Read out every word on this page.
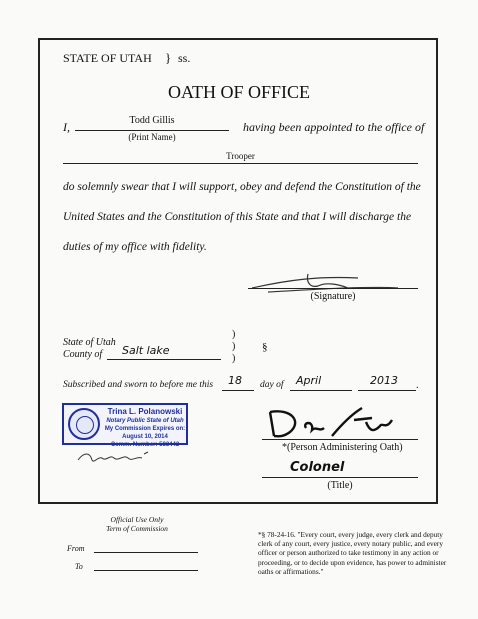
STATE OF UTAH } ss.
OATH OF OFFICE
I,	Todd Gillis
(Print Name)
having been appointed to the office of
Trooper
do solemnly swear that I will support, obey and defend the Constitution of the
United States and the Constitution of this State and that I will discharge the
duties of my office with fidelity.
(Signature)
State of Utah
County of Salt lake
)
)
)
§
Subscribed and sworn to before me this 18 day of April	2013 .
Trina L. Polanowski
Notary Public State of Utah
My Commission Expires on:
August 10, 2014
Comm. Number: 583442	*(Person Administering Oath)
Colonel
(Title)
Official Use Only
Term of Commission
From
To
*§ 78-24-16. "Every court, every judge, every clerk and deputy clerk of any court, every justice, every notary public, and every officer or person authorized to take testimony in any action or proceeding, or to decide upon evidence, has power to administer oaths or affirmations."
